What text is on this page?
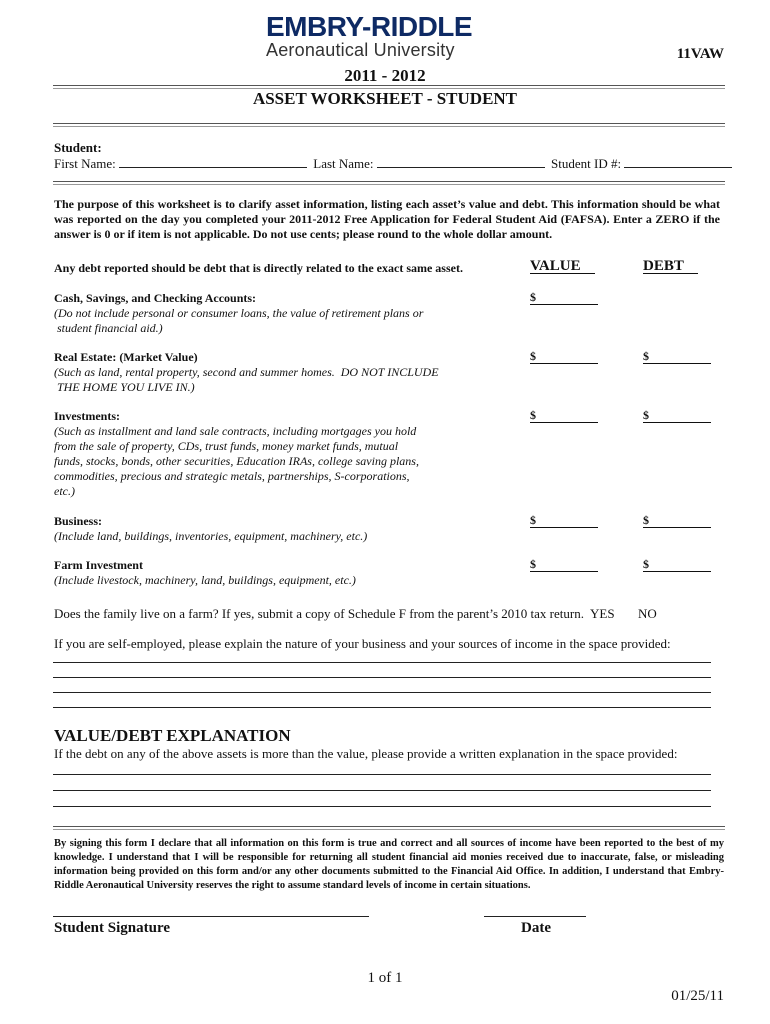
EMBRY-RIDDLE
Aeronautical University	11VAW
2011 - 2012
ASSET WORKSHEET - STUDENT
Student:
First Name:	Last Name:	Student ID #:
The purpose of this worksheet is to clarify asset information, listing each asset’s value and debt. This information should be what was reported on the day you completed your 2011-2012 Free Application for Federal Student Aid (FAFSA). Enter a ZERO if the answer is 0 or if item is not applicable. Do not use cents; please round to the whole dollar amount.
Any debt reported should be debt that is directly related to the exact same asset.	VALUE	DEBT
Cash, Savings, and Checking Accounts:
(Do not include personal or consumer loans, the value of retirement plans or
student financial aid.)
$
Real Estate: (Market Value)
(Such as land, rental property, second and summer homes.  DO NOT INCLUDE
THE HOME YOU LIVE IN.)
$	$
Investments:
(Such as installment and land sale contracts, including mortgages you hold
from the sale of property, CDs, trust funds, money market funds, mutual
funds, stocks, bonds, other securities, Education IRAs, college saving plans,
commodities, precious and strategic metals, partnerships, S-corporations,
etc.)
$	$
Business:
(Include land, buildings, inventories, equipment, machinery, etc.)
$	$
Farm Investment
(Include livestock, machinery, land, buildings, equipment, etc.)
$	$
Does the family live on a farm? If yes, submit a copy of Schedule F from the parent’s 2010 tax return. YES NO
If you are self-employed, please explain the nature of your business and your sources of income in the space provided:
VALUE/DEBT EXPLANATION
If the debt on any of the above assets is more than the value, please provide a written explanation in the space provided:
By signing this form I declare that all information on this form is true and correct and all sources of income have been reported to the best of my knowledge. I understand that I will be responsible for returning all student financial aid monies received due to inaccurate, false, or misleading information being provided on this form and/or any other documents submitted to the Financial Aid Office. In addition, I understand that Embry-Riddle Aeronautical University reserves the right to assume standard levels of income in certain situations.
Student Signature	Date
1 of 1
01/25/11
